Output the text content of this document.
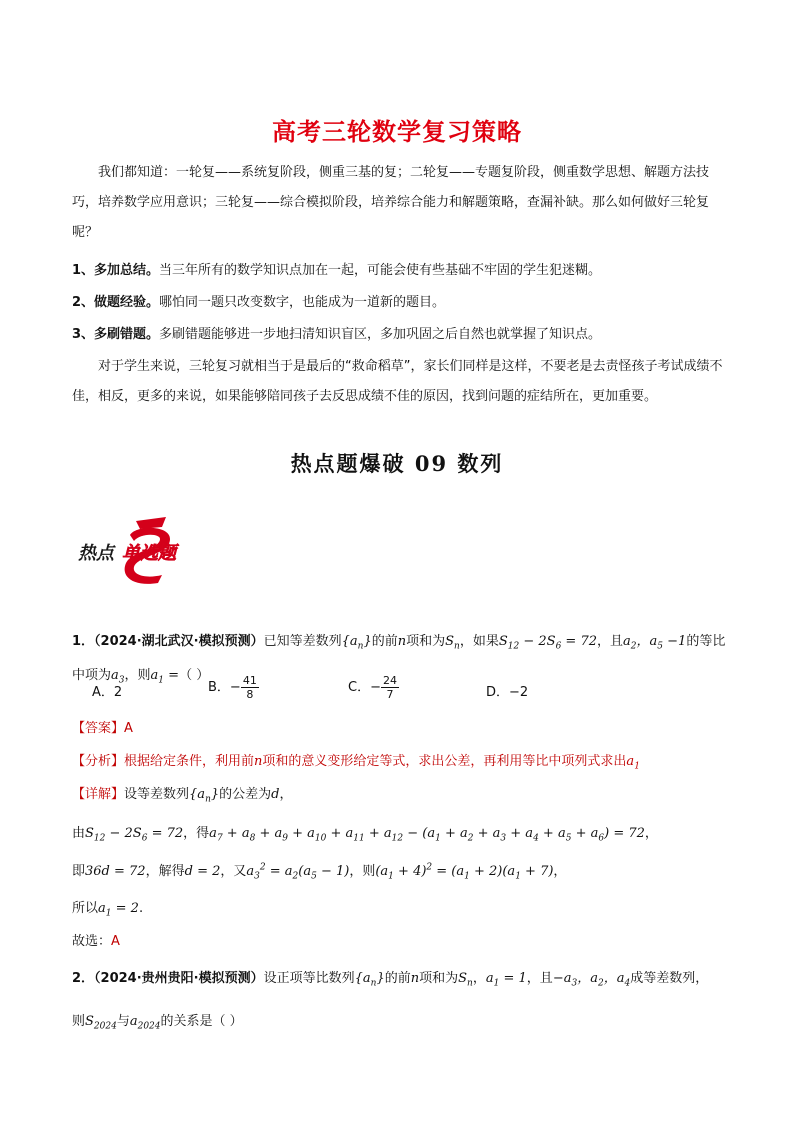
高考三轮数学复习策略
我们都知道：一轮复——系统复阶段，侧重三基的复；二轮复——专题复阶段，侧重数学思想、解题方法技巧，培养数学应用意识；三轮复——综合模拟阶段，培养综合能力和解题策略，查漏补缺。那么如何做好三轮复呢？
1、多加总结。当三年所有的数学知识点加在一起，可能会使有些基础不牢固的学生犯迷糊。
2、做题经验。哪怕同一题只改变数字，也能成为一道新的题目。
3、多刷错题。多刷错题能够进一步地扫清知识盲区，多加巩固之后自然也就掌握了知识点。
对于学生来说，三轮复习就相当于是最后的“救命稻草”，家长们同样是这样，不要老是去责怪孩子考试成绩不佳，相反，更多的来说，如果能够陪同孩子去反思成绩不佳的原因，找到问题的症结所在，更加重要。
热点题爆破 09 数列
热点 单选题
1．（2024·湖北武汉·模拟预测）已知等差数列$\{a_n\}$的前n项和为$S_n$，如果$S_{12} - 2S_6 = 72$，且$a_2$，$a_5 -1$的等比
中项为$a_3$，则$a_1$ =（ ）
A．2	B．− $\frac{41}{8}$	C．− $\frac{24}{7}$	D．−2
【答案】A
【分析】根据给定条件，利用前n项和的意义变形给定等式，求出公差，再利用等比中项列式求出$a_1$
【详解】设等差数列$\{a_n\}$的公差为d，
由$S_{12} - 2S_6 = 72$，得$a_7 + a_8 + a_9 + a_{10} + a_{11} + a_{12} - (a_1 + a_2 + a_3 + a_4 + a_5 + a_6) = 72$，
即36d = 72，解得d = 2，又$a_3^2 = a_2(a_5 - 1)$，则$(a_1 + 4)^2 = (a_1 + 2)(a_1 + 7)$，
所以$a_1 = 2$.
故选：A
2．（2024·贵州贵阳·模拟预测）设正项等比数列$\{a_n\}$的前n项和为$S_n$，$a_1 = 1$，且$-a_3$，$a_2$，$a_4$成等差数列，
则$S_{2024}$与$a_{2024}$的关系是（ ）
